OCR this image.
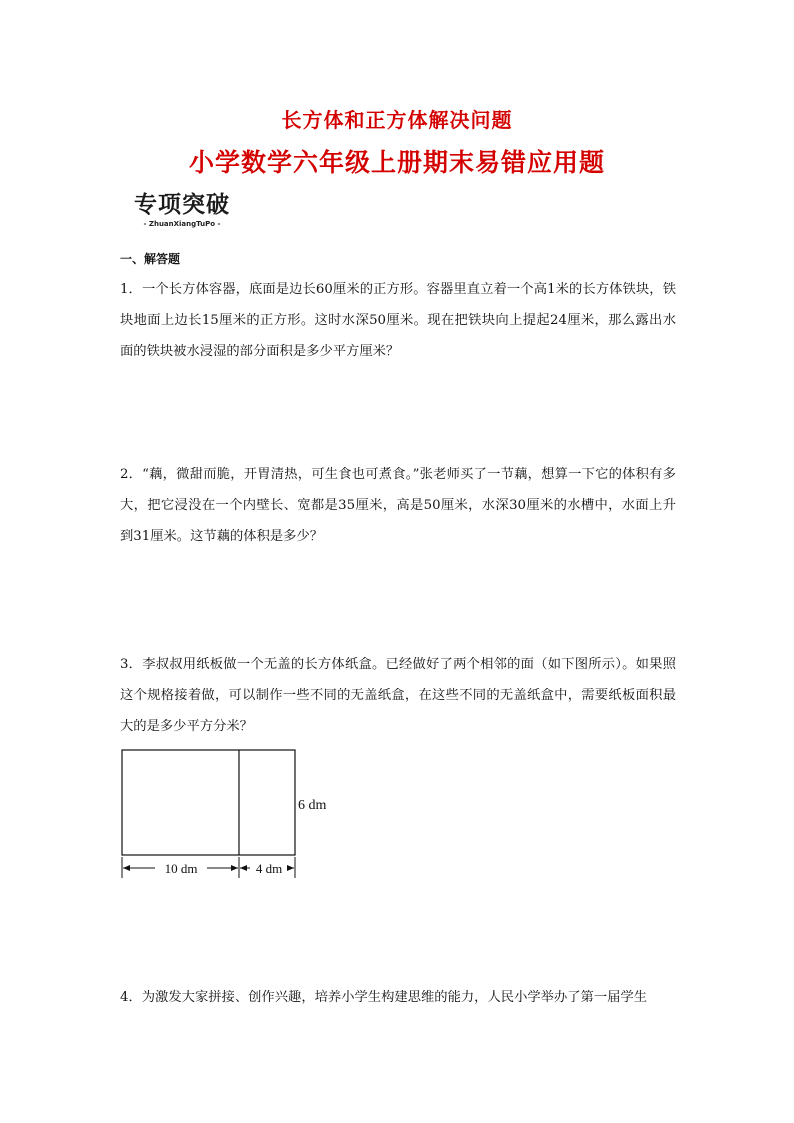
长方体和正方体解决问题
小学数学六年级上册期末易错应用题
专项突破
- ZhuanXiangTuPo -
一、解答题
1．一个长方体容器，底面是边长60厘米的正方形。容器里直立着一个高1米的长方体铁块，铁块地面上边长15厘米的正方形。这时水深50厘米。现在把铁块向上提起24厘米，那么露出水面的铁块被水浸湿的部分面积是多少平方厘米？
2．“藕，微甜而脆，开胃清热，可生食也可煮食。”张老师买了一节藕，想算一下它的体积有多大，把它浸没在一个内壁长、宽都是35厘米，高是50厘米，水深30厘米的水槽中，水面上升到31厘米。这节藕的体积是多少？
3．李叔叔用纸板做一个无盖的长方体纸盒。已经做好了两个相邻的面（如下图所示）。如果照这个规格接着做，可以制作一些不同的无盖纸盒，在这些不同的无盖纸盒中，需要纸板面积最大的是多少平方分米？
6 dm
10 dm	4 dm
4．为激发大家拼接、创作兴趣，培养小学生构建思维的能力，人民小学举办了第一届学生
